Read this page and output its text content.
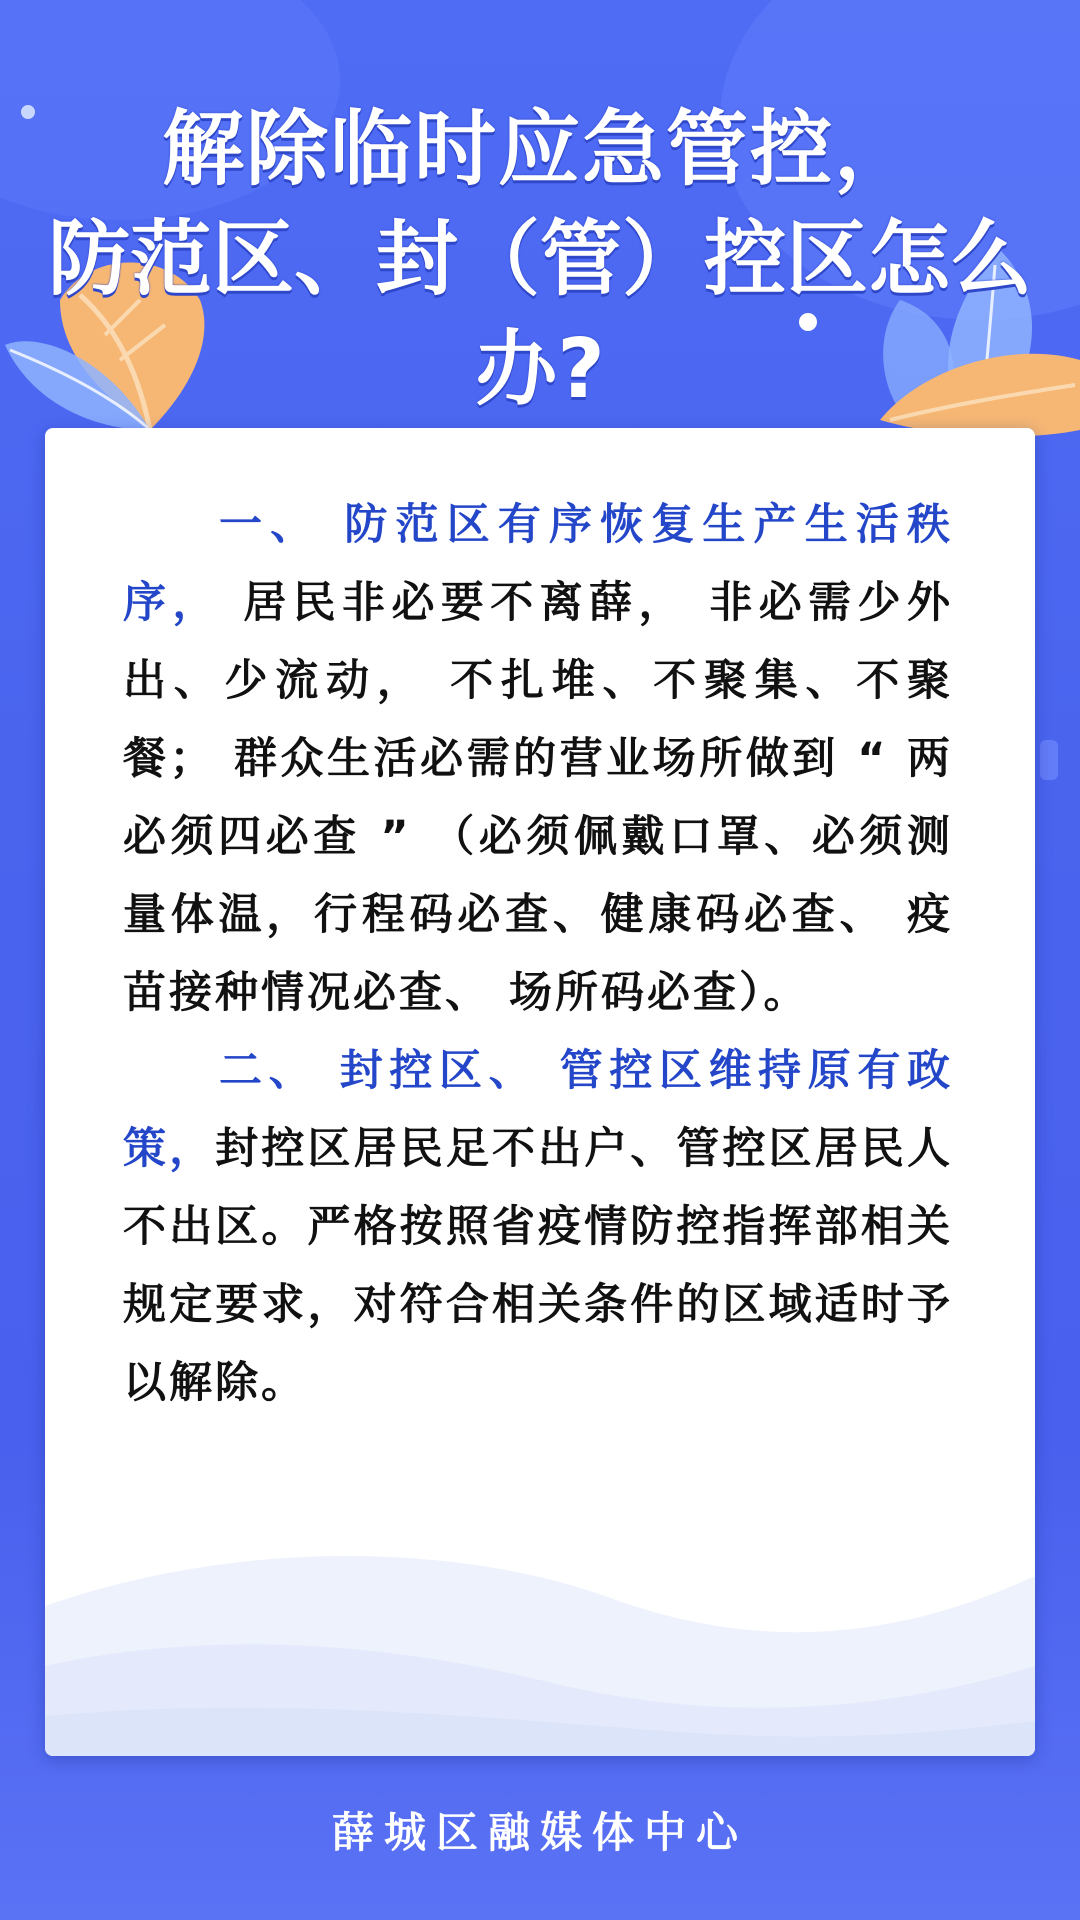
解除临时应急管控，
防范区、封（管）控区怎么办?

一、 防范区有序恢复生产生活秩序， 居民非必要不离薛， 非必需少外出、少流动， 不扎堆、不聚集、不聚餐； 群众生活必需的营业场所做到 “ 两必须四必查 ” （必须佩戴口罩、必须测量体温，行程码必查、健康码必查、 疫苗接种情况必查、 场所码必查）。

二、 封控区、 管控区维持原有政策，封控区居民足不出户、管控区居民人不出区。严格按照省疫情防控指挥部相关规定要求，对符合相关条件的区域适时予以解除。

薛城区融媒体中心
